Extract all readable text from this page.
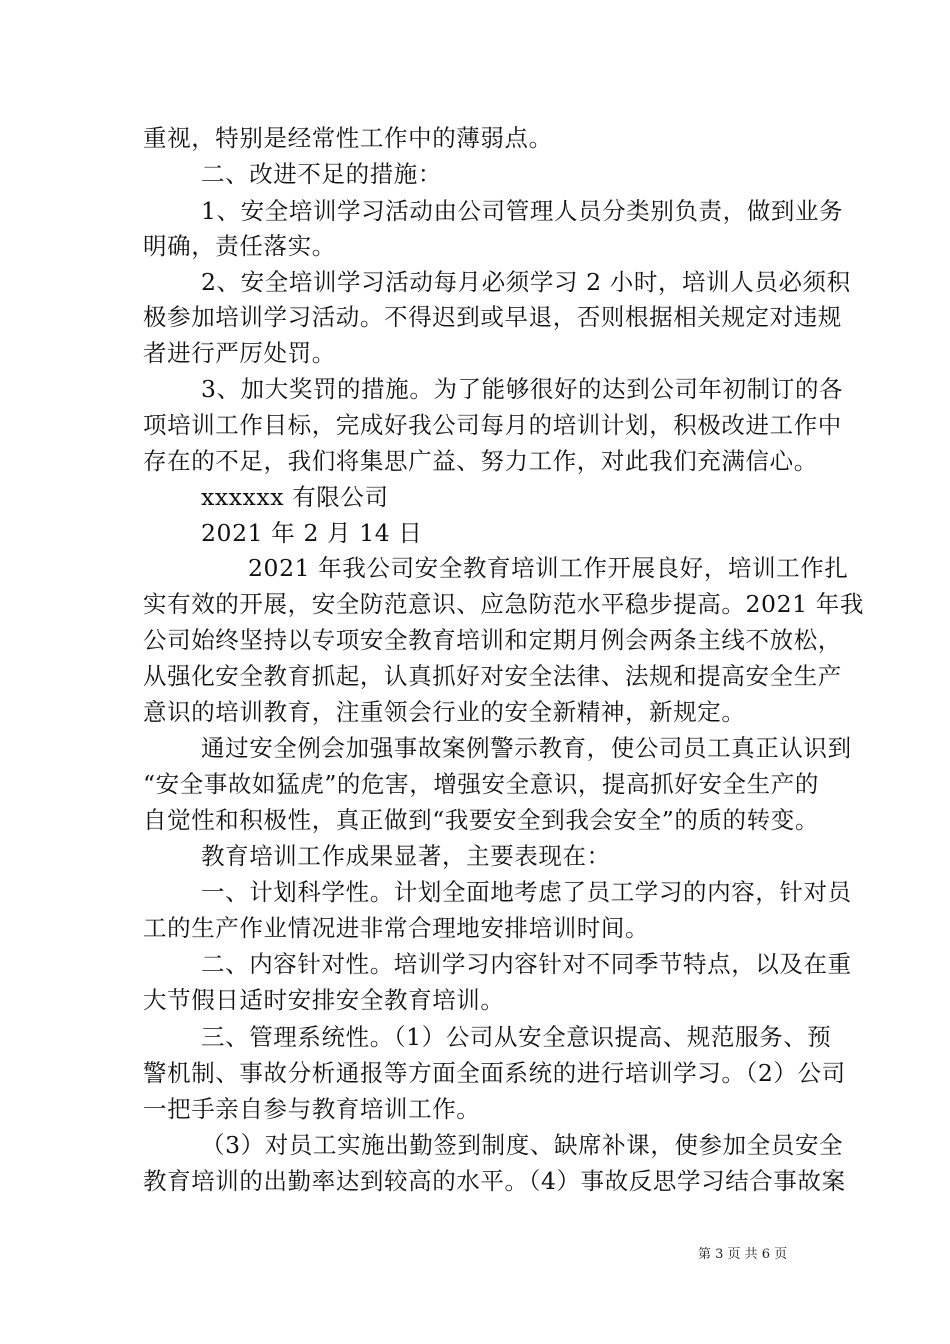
重视，特别是经常性工作中的薄弱点。
二、改进不足的措施：
1、安全培训学习活动由公司管理人员分类别负责，做到业务
明确，责任落实。
2、安全培训学习活动每月必须学习 2 小时，培训人员必须积
极参加培训学习活动。不得迟到或早退，否则根据相关规定对违规
者进行严厉处罚。
3、加大奖罚的措施。为了能够很好的达到公司年初制订的各
项培训工作目标，完成好我公司每月的培训计划，积极改进工作中
存在的不足，我们将集思广益、努力工作，对此我们充满信心。
xxxxxx 有限公司
2021 年 2 月 14 日
2021 年我公司安全教育培训工作开展良好，培训工作扎
实有效的开展，安全防范意识、应急防范水平稳步提高。2021 年我
公司始终坚持以专项安全教育培训和定期月例会两条主线不放松，
从强化安全教育抓起，认真抓好对安全法律、法规和提高安全生产
意识的培训教育，注重领会行业的安全新精神，新规定。
通过安全例会加强事故案例警示教育，使公司员工真正认识到
“安全事故如猛虎”的危害，增强安全意识，提高抓好安全生产的
自觉性和积极性，真正做到“我要安全到我会安全”的质的转变。
教育培训工作成果显著，主要表现在：
一、计划科学性。计划全面地考虑了员工学习的内容，针对员
工的生产作业情况进非常合理地安排培训时间。
二、内容针对性。培训学习内容针对不同季节特点，以及在重
大节假日适时安排安全教育培训。
三、管理系统性。（1）公司从安全意识提高、规范服务、预
警机制、事故分析通报等方面全面系统的进行培训学习。（2）公司
一把手亲自参与教育培训工作。
（3）对员工实施出勤签到制度、缺席补课，使参加全员安全
教育培训的出勤率达到较高的水平。（4）事故反思学习结合事故案
第 3 页 共 6 页
